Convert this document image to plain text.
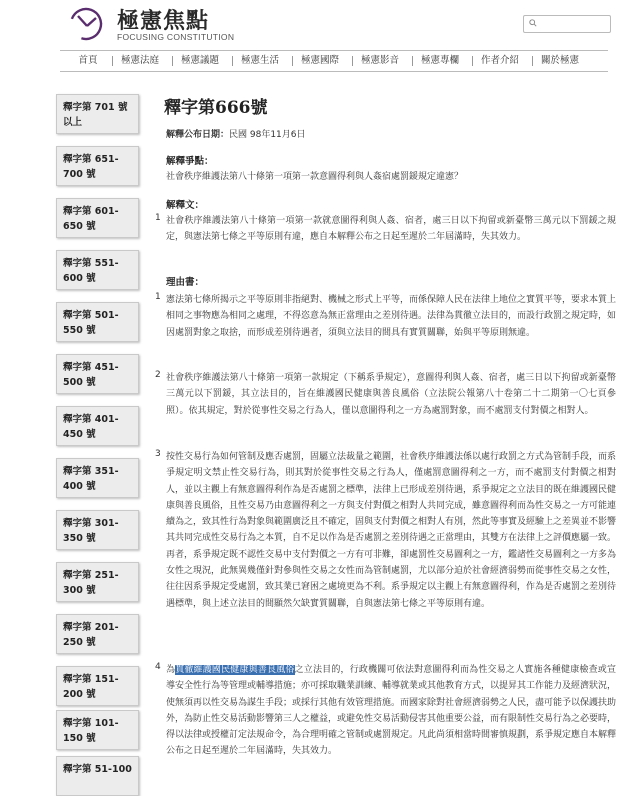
極憲焦點
FOCUSING CONSTITUTION
首頁	極憲法庭	極憲議題	極憲生活	極憲國際	極憲影音	極憲專欄	作者介紹	關於極憲
釋字第 701 號以上
釋字第 651-700 號
釋字第 601-650 號
釋字第 551-600 號
釋字第 501-550 號
釋字第 451-500 號
釋字第 401-450 號
釋字第 351-400 號
釋字第 301-350 號
釋字第 251-300 號
釋字第 201-250 號
釋字第 151-200 號
釋字第 101-150 號
釋字第 51-100
釋字第666號
解釋公布日期：民國 98年11月6日
解釋爭點：
社會秩序維護法第八十條第一項第一款意圖得利與人姦宿處罰鍰規定違憲？
解釋文：
1 社會秩序維護法第八十條第一項第一款就意圖得利與人姦、宿者，處三日以下拘留或新臺幣三萬元以下罰鍰之規定，與憲法第七條之平等原則有違，應自本解釋公布之日起至遲於二年屆滿時，失其效力。
理由書：
1 憲法第七條所揭示之平等原則非指絕對、機械之形式上平等，而係保障人民在法律上地位之實質平等，要求本質上相同之事物應為相同之處理，不得恣意為無正當理由之差別待遇。法律為貫徹立法目的，而設行政罰之規定時，如因處罰對象之取捨，而形成差別待遇者，須與立法目的間具有實質關聯，始與平等原則無違。
2 社會秩序維護法第八十條第一項第一款規定（下稱系爭規定），意圖得利與人姦、宿者，處三日以下拘留或新臺幣三萬元以下罰鍰，其立法目的，旨在維護國民健康與善良風俗（立法院公報第八十卷第二十二期第一〇七頁參照）。依其規定，對於從事性交易之行為人，僅以意圖得利之一方為處罰對象，而不處罰支付對價之相對人。
3 按性交易行為如何管制及應否處罰，固屬立法裁量之範圍，社會秩序維護法係以處行政罰之方式為管制手段，而系爭規定明文禁止性交易行為，則其對於從事性交易之行為人，僅處罰意圖得利之一方，而不處罰支付對價之相對人，並以主觀上有無意圖得利作為是否處罰之標準，法律上已形成差別待遇，系爭規定之立法目的既在維護國民健康與善良風俗，且性交易乃由意圖得利之一方與支付對價之相對人共同完成，雖意圖得利而為性交易之一方可能連續為之，致其性行為對象與範圍廣泛且不確定，固與支付對價之相對人有別，然此等事實及經驗上之差異並不影響其共同完成性交易行為之本質，自不足以作為是否處罰之差別待遇之正當理由，其雙方在法律上之評價應屬一致。再者，系爭規定既不認性交易中支付對價之一方有可非難，卻處罰性交易圖利之一方，鑑諸性交易圖利之一方多為女性之現況，此無異幾僅針對參與性交易之女性而為管制處罰，尤以部分迫於社會經濟弱勢而從事性交易之女性，往往因系爭規定受處罰，致其業已窘困之處境更為不利。系爭規定以主觀上有無意圖得利，作為是否處罰之差別待遇標準，與上述立法目的間顯然欠缺實質關聯，自與憲法第七條之平等原則有違。
4 為貫徹維護國民健康與善良風俗之立法目的，行政機關可依法對意圖得利而為性交易之人實施各種健康檢查或宣導安全性行為等管理或輔導措施；亦可採取職業訓練、輔導就業或其他教育方式，以提昇其工作能力及經濟狀況，使無須再以性交易為謀生手段；或採行其他有效管理措施。而國家除對社會經濟弱勢之人民，盡可能予以保護扶助外，為防止性交易活動影響第三人之權益，或避免性交易活動侵害其他重要公益，而有限制性交易行為之必要時，得以法律或授權訂定法規命令，為合理明確之管制或處罰規定。凡此尚須相當時間審慎規劃，系爭規定應自本解釋公布之日起至遲於二年屆滿時，失其效力。
